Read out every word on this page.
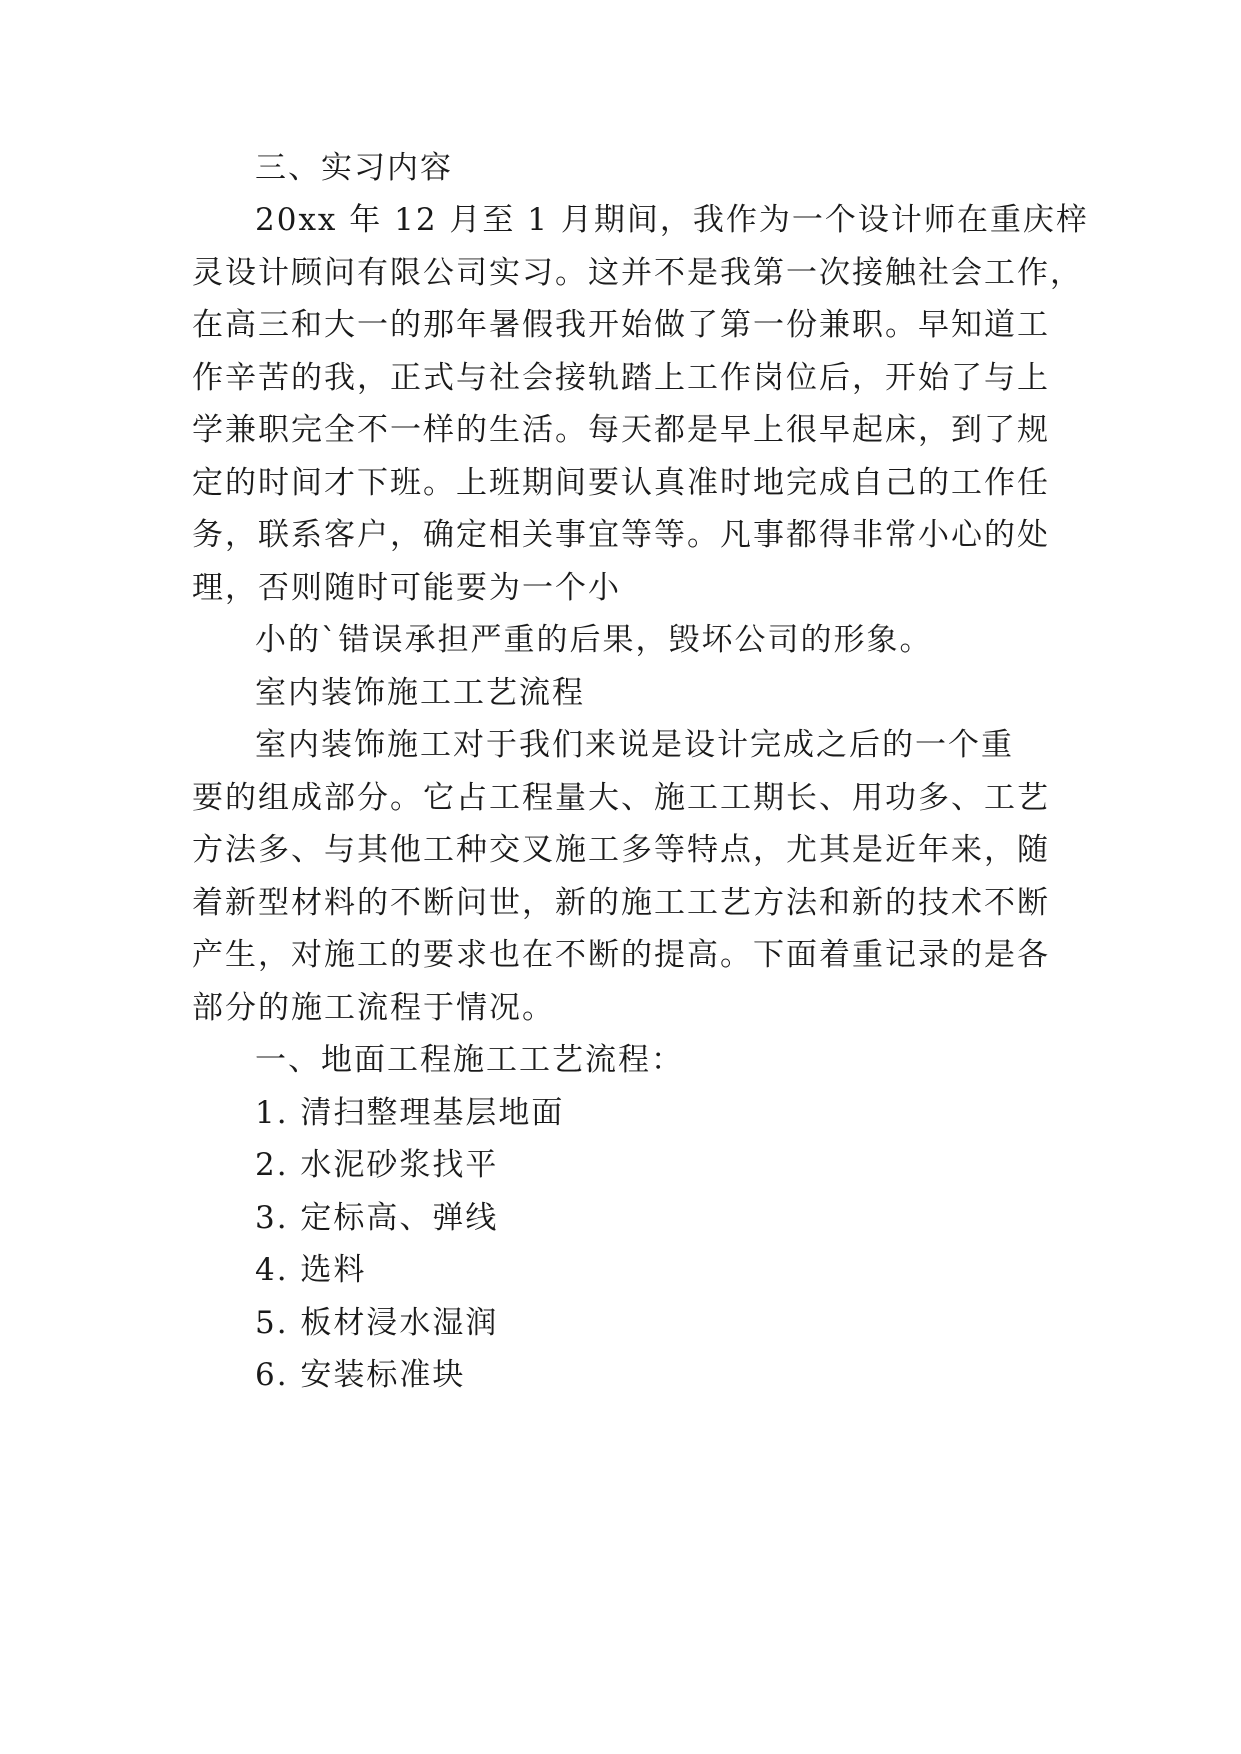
三、实习内容
20xx 年 12 月至 1 月期间，我作为一个设计师在重庆梓
灵设计顾问有限公司实习。这并不是我第一次接触社会工作，
在高三和大一的那年暑假我开始做了第一份兼职。早知道工
作辛苦的我，正式与社会接轨踏上工作岗位后，开始了与上
学兼职完全不一样的生活。每天都是早上很早起床，到了规
定的时间才下班。上班期间要认真准时地完成自己的工作任
务，联系客户，确定相关事宜等等。凡事都得非常小心的处
理，否则随时可能要为一个小
小的`错误承担严重的后果，毁坏公司的形象。
室内装饰施工工艺流程
室内装饰施工对于我们来说是设计完成之后的一个重
要的组成部分。它占工程量大、施工工期长、用功多、工艺
方法多、与其他工种交叉施工多等特点，尤其是近年来，随
着新型材料的不断问世，新的施工工艺方法和新的技术不断
产生，对施工的要求也在不断的提高。下面着重记录的是各
部分的施工流程于情况。
一、地面工程施工工艺流程：
1. 清扫整理基层地面
2. 水泥砂浆找平
3. 定标高、弹线
4. 选料
5. 板材浸水湿润
6. 安装标准块
